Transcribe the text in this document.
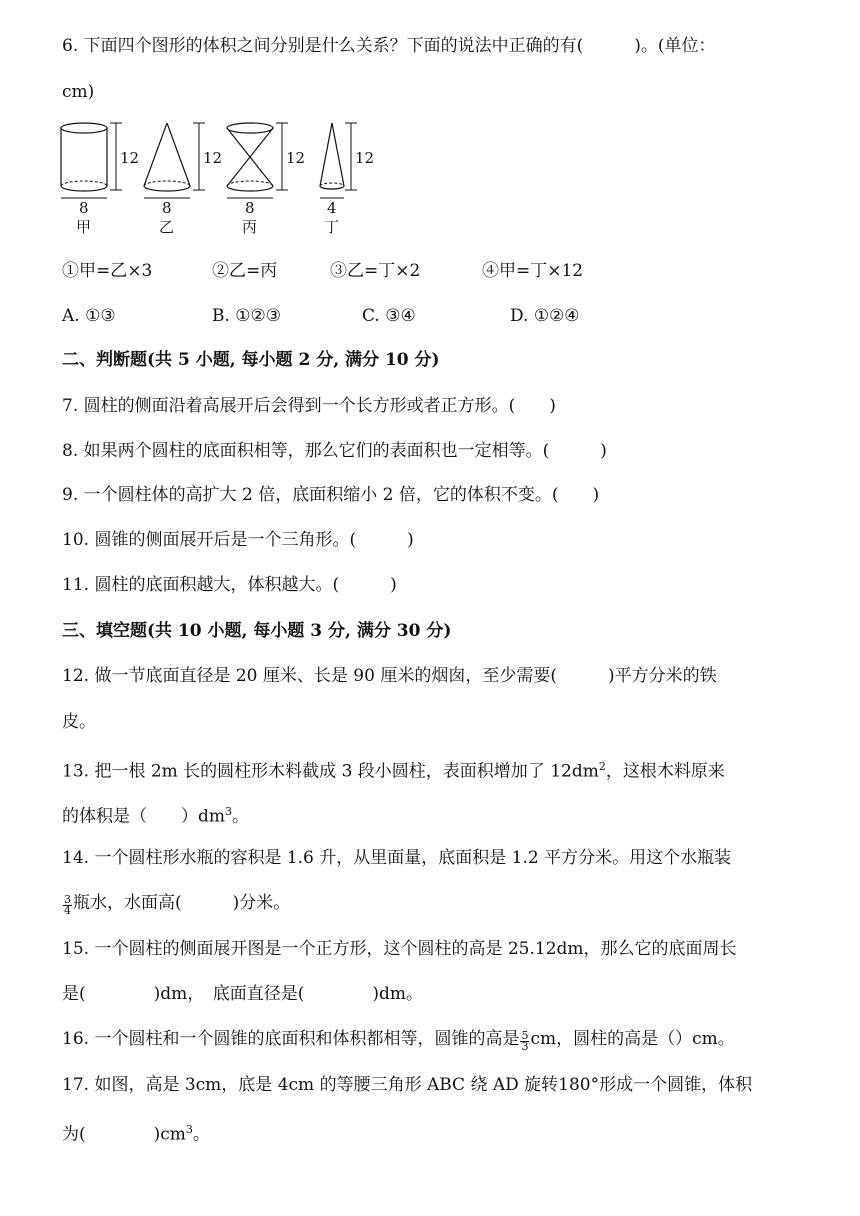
6. 下面四个图形的体积之间分别是什么关系？下面的说法中正确的有(　　　)。(单位：
cm)
12
8
甲
12
8
乙
12
8
丙
12
4
丁
①甲=乙×3	②乙=丙	③乙=丁×2	④甲=丁×12
A. ①③	B. ①②③	C. ③④	D. ①②④
二、判断题(共 5 小题, 每小题 2 分, 满分 10 分)
7. 圆柱的侧面沿着高展开后会得到一个长方形或者正方形。(　　)
8. 如果两个圆柱的底面积相等，那么它们的表面积也一定相等。(　　　)
9. 一个圆柱体的高扩大 2 倍，底面积缩小 2 倍，它的体积不变。(　　)
10. 圆锥的侧面展开后是一个三角形。(　　　)
11. 圆柱的底面积越大，体积越大。(　　　)
三、填空题(共 10 小题, 每小题 3 分, 满分 30 分)
12. 做一节底面直径是 20 厘米、长是 90 厘米的烟囱，至少需要(　　　)平方分米的铁
皮。
13. 把一根 2m 长的圆柱形木料截成 3 段小圆柱，表面积增加了 $12dm^2$，这根木料原来
的体积是（　　）$dm^3$。
14. 一个圆柱形水瓶的容积是 1.6 升，从里面量，底面积是 1.2 平方分米。用这个水瓶装
$\frac{3}{4}$ 瓶水，水面高(　　　)分米。
15. 一个圆柱的侧面展开图是一个正方形，这个圆柱的高是 25.12dm，那么它的底面周长
是(　　　　)dm，　底面直径是(　　　　)dm。
16. 一个圆柱和一个圆锥的底面积和体积都相等，圆锥的高是 $\frac{5}{3}$ cm，圆柱的高是（）cm。
17. 如图，高是 3cm，底是 4cm 的等腰三角形 ABC 绕 AD 旋转180°形成一个圆锥，体积
为(　　　　)$cm^3$。
